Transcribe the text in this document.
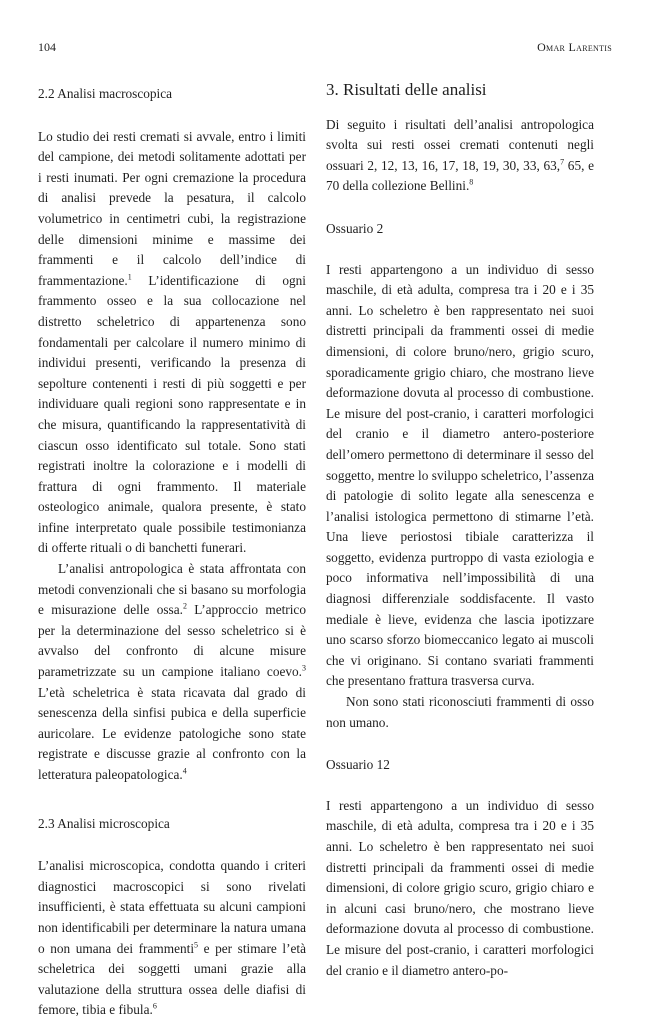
104	Omar Larentis
2.2 Analisi macroscopica

Lo studio dei resti cremati si avvale, entro i limiti del campione, dei metodi solitamente adottati per i resti inumati. Per ogni cremazione la procedura di analisi prevede la pesatura, il calcolo volumetrico in centimetri cubi, la registrazione delle dimensioni minime e massime dei frammenti e il calcolo dell’indice di frammentazione.$^1$ L’identificazione di ogni frammento osseo e la sua collocazione nel distretto scheletrico di appartenenza sono fondamentali per calcolare il numero minimo di individui presenti, verificando la presenza di sepolture contenenti i resti di più soggetti e per individuare quali regioni sono rappresentate e in che misura, quantificando la rappresentatività di ciascun osso identificato sul totale. Sono stati registrati inoltre la colorazione e i modelli di frattura di ogni frammento. Il materiale osteologico animale, qualora presente, è stato infine interpretato quale possibile testimonianza di offerte rituali o di banchetti funerari.

L’analisi antropologica è stata affrontata con metodi convenzionali che si basano su morfologia e misurazione delle ossa.$^2$ L’approccio metrico per la determinazione del sesso scheletrico si è avvalso del confronto di alcune misure parametrizzate su un campione italiano coevo.$^3$ L’età scheletrica è stata ricavata dal grado di senescenza della sinfisi pubica e della superficie auricolare. Le evidenze patologiche sono state registrate e discusse grazie al confronto con la letteratura paleopatologica.$^4$

2.3 Analisi microscopica

L’analisi microscopica, condotta quando i criteri diagnostici macroscopici si sono rivelati insufficienti, è stata effettuata su alcuni campioni non identificabili per determinare la natura umana o non umana dei frammenti$^5$ e per stimare l’età scheletrica dei soggetti umani grazie alla valutazione della struttura ossea delle diafisi di femore, tibia e fibula.$^6$

3. Risultati delle analisi

Di seguito i risultati dell’analisi antropologica svolta sui resti ossei cremati contenuti negli ossuari 2, 12, 13, 16, 17, 18, 19, 30, 33, 63,$^7$ 65, e 70 della collezione Bellini.$^8$

Ossuario 2

I resti appartengono a un individuo di sesso maschile, di età adulta, compresa tra i 20 e i 35 anni. Lo scheletro è ben rappresentato nei suoi distretti principali da frammenti ossei di medie dimensioni, di colore bruno/nero, grigio scuro, sporadicamente grigio chiaro, che mostrano lieve deformazione dovuta al processo di combustione. Le misure del post-cranio, i caratteri morfologici del cranio e il diametro antero-posteriore dell’omero permettono di determinare il sesso del soggetto, mentre lo sviluppo scheletrico, l’assenza di patologie di solito legate alla senescenza e l’analisi istologica permettono di stimarne l’età. Una lieve periostosi tibiale caratterizza il soggetto, evidenza purtroppo di vasta eziologia e poco informativa nell’impossibilità di una diagnosi differenziale soddisfacente. Il vasto mediale è lieve, evidenza che lascia ipotizzare uno scarso sforzo biomeccanico legato ai muscoli che vi originano. Si contano svariati frammenti che presentano frattura trasversa curva.

Non sono stati riconosciuti frammenti di osso non umano.

Ossuario 12

I resti appartengono a un individuo di sesso maschile, di età adulta, compresa tra i 20 e i 35 anni. Lo scheletro è ben rappresentato nei suoi distretti principali da frammenti ossei di medie dimensioni, di colore grigio scuro, grigio chiaro e in alcuni casi bruno/nero, che mostrano lieve deformazione dovuta al processo di combustione. Le misure del post-cranio, i caratteri morfologici del cranio e il diametro antero-po-
